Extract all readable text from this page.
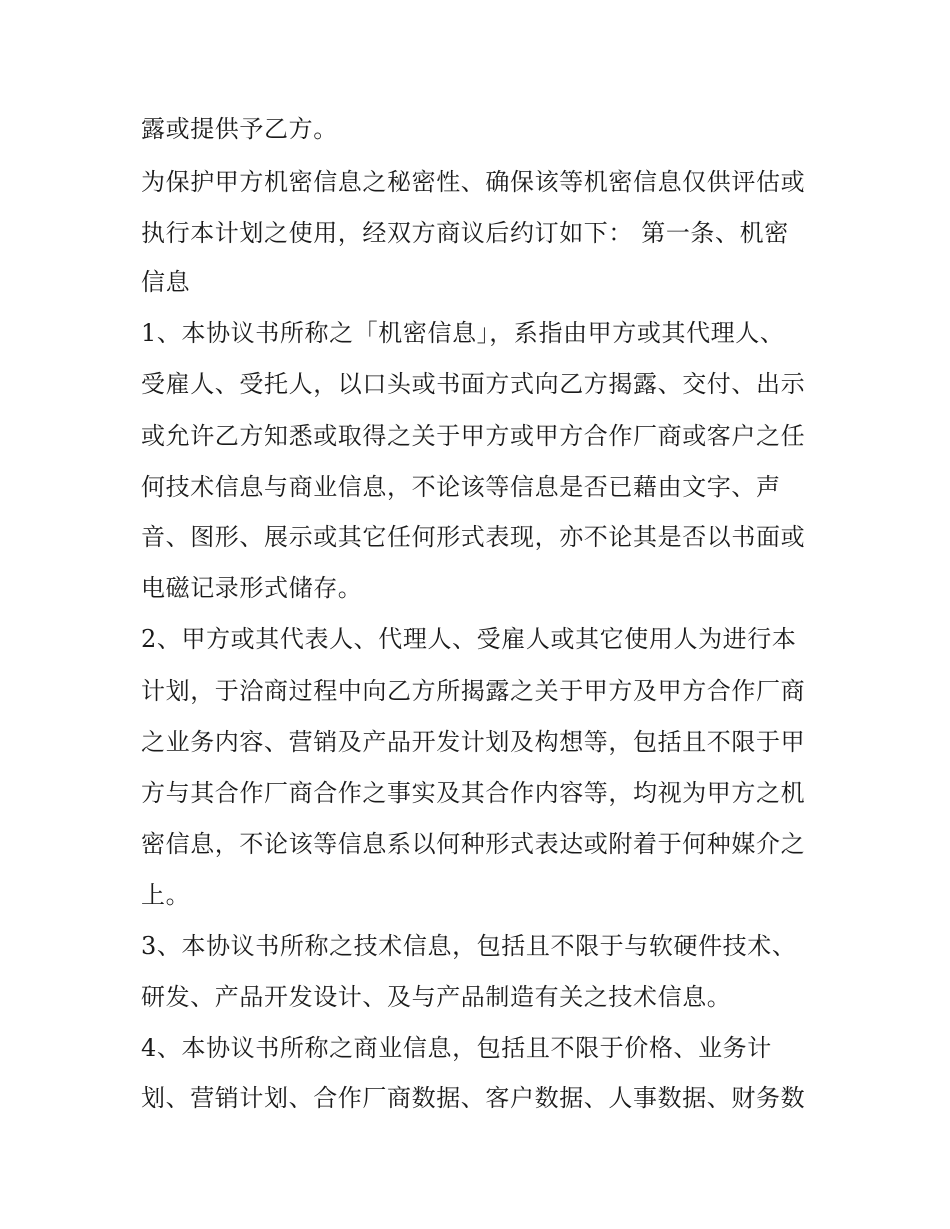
露或提供予乙方。
为保护甲方机密信息之秘密性、确保该等机密信息仅供评估或
执行本计划之使用，经双方商议后约订如下： 第一条、机密
信息
1、本协议书所称之「机密信息」，系指由甲方或其代理人、
受雇人、受托人，以口头或书面方式向乙方揭露、交付、出示
或允许乙方知悉或取得之关于甲方或甲方合作厂商或客户之任
何技术信息与商业信息，不论该等信息是否已藉由文字、声
音、图形、展示或其它任何形式表现，亦不论其是否以书面或
电磁记录形式储存。
2、甲方或其代表人、代理人、受雇人或其它使用人为进行本
计划，于洽商过程中向乙方所揭露之关于甲方及甲方合作厂商
之业务内容、营销及产品开发计划及构想等，包括且不限于甲
方与其合作厂商合作之事实及其合作内容等，均视为甲方之机
密信息，不论该等信息系以何种形式表达或附着于何种媒介之
上。
3、本协议书所称之技术信息，包括且不限于与软硬件技术、
研发、产品开发设计、及与产品制造有关之技术信息。
4、本协议书所称之商业信息，包括且不限于价格、业务计
划、营销计划、合作厂商数据、客户数据、人事数据、财务数
